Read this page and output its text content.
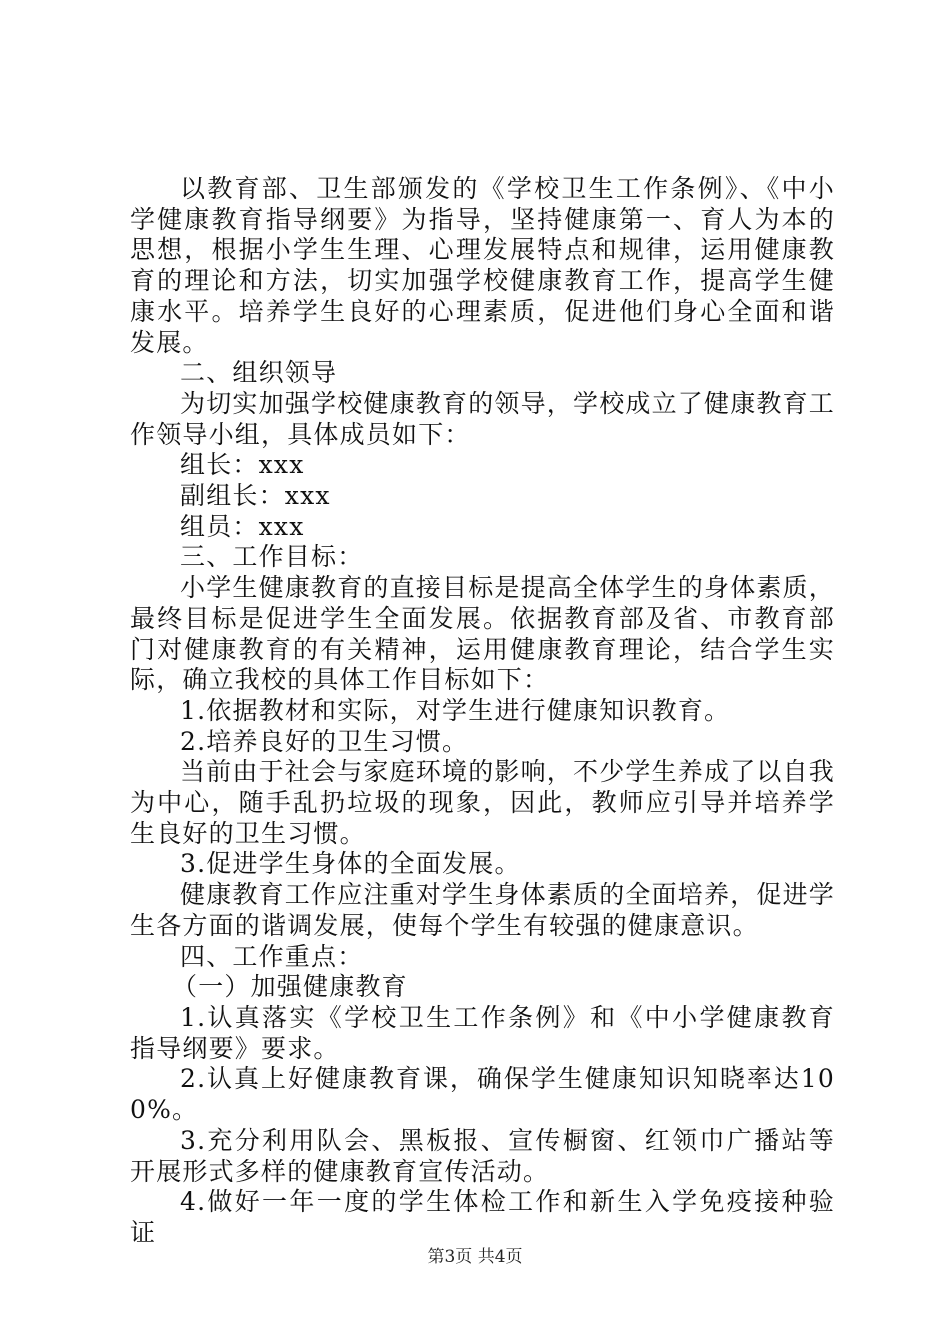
以教育部、卫生部颁发的《学校卫生工作条例》、《中小学健康教育指导纲要》为指导，坚持健康第一、育人为本的思想，根据小学生生理、心理发展特点和规律，运用健康教育的理论和方法，切实加强学校健康教育工作，提高学生健康水平。培养学生良好的心理素质，促进他们身心全面和谐发展。

二、组织领导

为切实加强学校健康教育的领导，学校成立了健康教育工作领导小组，具体成员如下：

组长：xxx

副组长：xxx

组员：xxx

三、工作目标：

小学生健康教育的直接目标是提高全体学生的身体素质，最终目标是促进学生全面发展。依据教育部及省、市教育部门对健康教育的有关精神，运用健康教育理论，结合学生实际，确立我校的具体工作目标如下：

1.依据教材和实际，对学生进行健康知识教育。

2.培养良好的卫生习惯。

当前由于社会与家庭环境的影响，不少学生养成了以自我为中心，随手乱扔垃圾的现象，因此，教师应引导并培养学生良好的卫生习惯。

3.促进学生身体的全面发展。

健康教育工作应注重对学生身体素质的全面培养，促进学生各方面的谐调发展，使每个学生有较强的健康意识。

四、工作重点：

（一）加强健康教育

1.认真落实《学校卫生工作条例》和《中小学健康教育指导纲要》要求。

2.认真上好健康教育课，确保学生健康知识知晓率达100%。

3.充分利用队会、黑板报、宣传橱窗、红领巾广播站等开展形式多样的健康教育宣传活动。

4.做好一年一度的学生体检工作和新生入学免疫接种验证

第3页 共4页
